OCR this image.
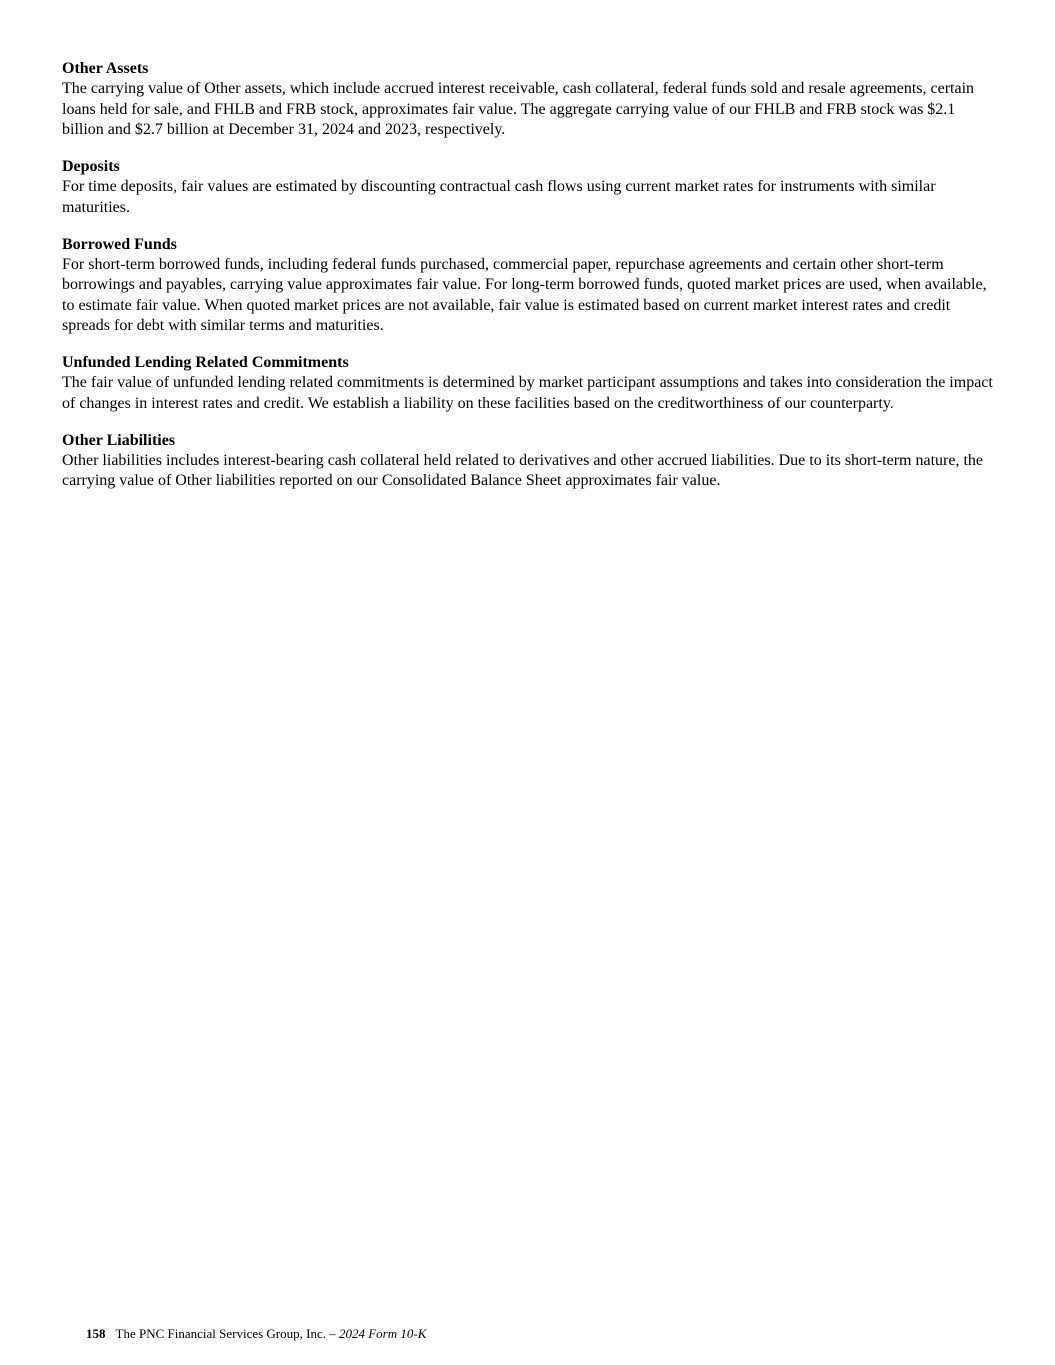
Other Assets

The carrying value of Other assets, which include accrued interest receivable, cash collateral, federal funds sold and resale agreements, certain loans held for sale, and FHLB and FRB stock, approximates fair value. The aggregate carrying value of our FHLB and FRB stock was $2.1 billion and $2.7 billion at December 31, 2024 and 2023, respectively.

Deposits

For time deposits, fair values are estimated by discounting contractual cash flows using current market rates for instruments with similar maturities.

Borrowed Funds

For short-term borrowed funds, including federal funds purchased, commercial paper, repurchase agreements and certain other short-term borrowings and payables, carrying value approximates fair value. For long-term borrowed funds, quoted market prices are used, when available, to estimate fair value. When quoted market prices are not available, fair value is estimated based on current market interest rates and credit spreads for debt with similar terms and maturities.

Unfunded Lending Related Commitments

The fair value of unfunded lending related commitments is determined by market participant assumptions and takes into consideration the impact of changes in interest rates and credit. We establish a liability on these facilities based on the creditworthiness of our counterparty.

Other Liabilities

Other liabilities includes interest-bearing cash collateral held related to derivatives and other accrued liabilities. Due to its short-term nature, the carrying value of Other liabilities reported on our Consolidated Balance Sheet approximates fair value.

158 The PNC Financial Services Group, Inc. – 2024 Form 10-K
